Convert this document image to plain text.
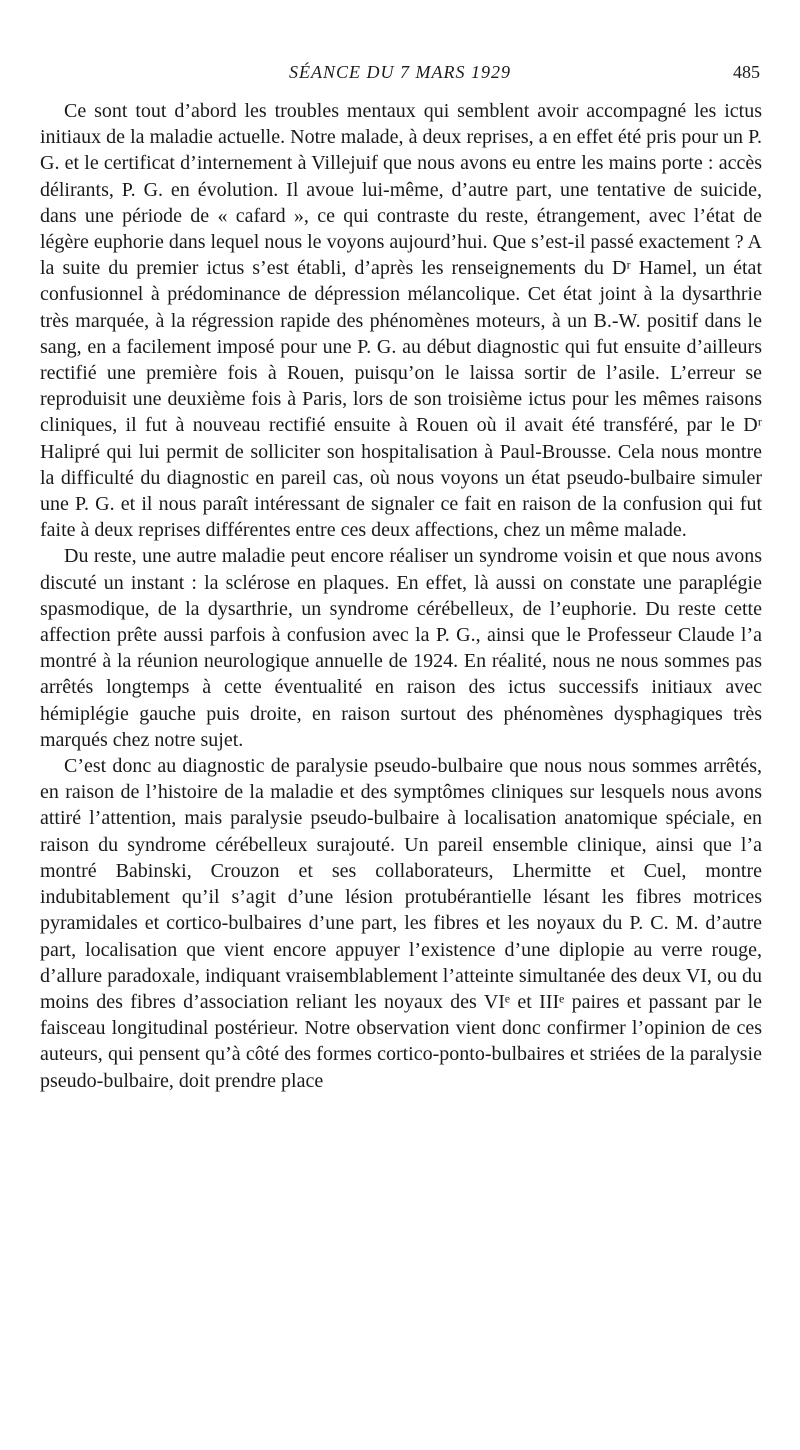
SÉANCE DU 7 MARS 1929	485

Ce sont tout d’abord les troubles mentaux qui semblent avoir accompagné les ictus initiaux de la maladie actuelle. Notre malade, à deux reprises, a en effet été pris pour un P. G. et le certificat d’internement à Villejuif que nous avons eu entre les mains porte : accès délirants, P. G. en évolution. Il avoue lui-même, d’autre part, une tentative de suicide, dans une période de « cafard », ce qui contraste du reste, étrangement, avec l’état de légère euphorie dans lequel nous le voyons aujourd’hui. Que s’est-il passé exactement ? A la suite du premier ictus s’est établi, d’après les renseignements du Dʳ Hamel, un état confusionnel à prédominance de dépression mélancolique. Cet état joint à la dysarthrie très marquée, à la régression rapide des phénomènes moteurs, à un B.-W. positif dans le sang, en a facilement imposé pour une P. G. au début diagnostic qui fut ensuite d’ailleurs rectifié une première fois à Rouen, puisqu’on le laissa sortir de l’asile. L’erreur se reproduisit une deuxième fois à Paris, lors de son troisième ictus pour les mêmes raisons cliniques, il fut à nouveau rectifié ensuite à Rouen où il avait été transféré, par le Dʳ Halipré qui lui permit de solliciter son hospitalisation à Paul-Brousse. Cela nous montre la difficulté du diagnostic en pareil cas, où nous voyons un état pseudo-bulbaire simuler une P. G. et il nous paraît intéressant de signaler ce fait en raison de la confusion qui fut faite à deux reprises différentes entre ces deux affections, chez un même malade.

Du reste, une autre maladie peut encore réaliser un syndrome voisin et que nous avons discuté un instant : la sclérose en plaques. En effet, là aussi on constate une paraplégie spasmodique, de la dysarthrie, un syndrome cérébelleux, de l’euphorie. Du reste cette affection prête aussi parfois à confusion avec la P. G., ainsi que le Professeur Claude l’a montré à la réunion neurologique annuelle de 1924. En réalité, nous ne nous sommes pas arrêtés longtemps à cette éventualité en raison des ictus successifs initiaux avec hémiplégie gauche puis droite, en raison surtout des phénomènes dysphagiques très marqués chez notre sujet.

C’est donc au diagnostic de paralysie pseudo-bulbaire que nous nous sommes arrêtés, en raison de l’histoire de la maladie et des symptômes cliniques sur lesquels nous avons attiré l’attention, mais paralysie pseudo-bulbaire à localisation anatomique spéciale, en raison du syndrome cérébelleux surajouté. Un pareil ensemble clinique, ainsi que l’a montré Babinski, Crouzon et ses collaborateurs, Lhermitte et Cuel, montre indubitablement qu’il s’agit d’une lésion protubérantielle lésant les fibres motrices pyramidales et cortico-bulbaires d’une part, les fibres et les noyaux du P. C. M. d’autre part, localisation que vient encore appuyer l’existence d’une diplopie au verre rouge, d’allure paradoxale, indiquant vraisemblablement l’atteinte simultanée des deux VI, ou du moins des fibres d’association reliant les noyaux des VIᵉ et IIIᵉ paires et passant par le faisceau longitudinal postérieur. Notre observation vient donc confirmer l’opinion de ces auteurs, qui pensent qu’à côté des formes cortico-ponto-bulbaires et striées de la paralysie pseudo-bulbaire, doit prendre place
